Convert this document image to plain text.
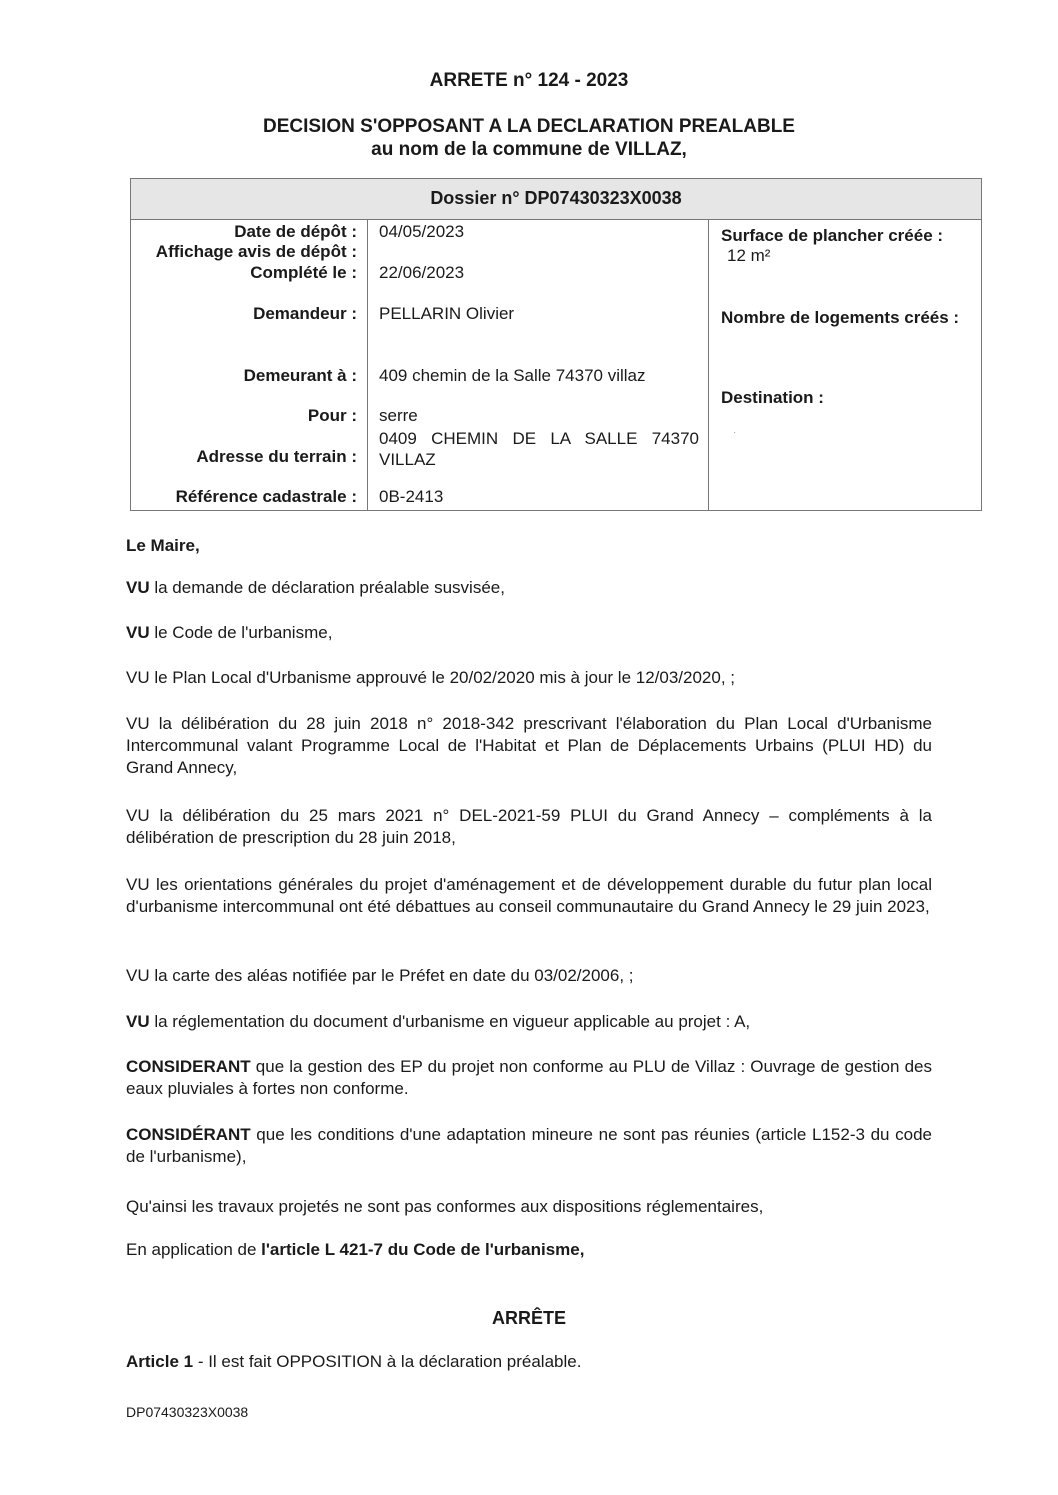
ARRETE n° 124 - 2023
DECISION S'OPPOSANT A LA DECLARATION PREALABLE
au nom de la commune de VILLAZ,
Dossier n° DP07430323X0038
Date de dépôt : 04/05/2023
Affichage avis de dépôt :
Complété le : 22/06/2023
Demandeur : PELLARIN Olivier
Demeurant à : 409 chemin de la Salle 74370 villaz
Pour : serre
Adresse du terrain :
0409 CHEMIN DE LA SALLE 74370 VILLAZ
Référence cadastrale : 0B-2413
Surface de plancher créée :
12 m²
Nombre de logements créés :
Destination :
·
Le Maire,
VU la demande de déclaration préalable susvisée,
VU le Code de l'urbanisme,
VU le Plan Local d'Urbanisme approuvé le 20/02/2020 mis à jour le 12/03/2020, ;
VU la délibération du 28 juin 2018 n° 2018-342 prescrivant l'élaboration du Plan Local d'Urbanisme Intercommunal valant Programme Local de l'Habitat et Plan de Déplacements Urbains (PLUI HD) du Grand Annecy,
VU la délibération du 25 mars 2021 n° DEL-2021-59 PLUI du Grand Annecy – compléments à la délibération de prescription du 28 juin 2018,
VU les orientations générales du projet d'aménagement et de développement durable du futur plan local d'urbanisme intercommunal ont été débattues au conseil communautaire du Grand Annecy le 29 juin 2023,
VU la carte des aléas notifiée par le Préfet en date du 03/02/2006, ;
VU la réglementation du document d'urbanisme en vigueur applicable au projet : A,
CONSIDERANT que la gestion des EP du projet non conforme au PLU de Villaz : Ouvrage de gestion des eaux pluviales à fortes non conforme.
CONSIDÉRANT que les conditions d'une adaptation mineure ne sont pas réunies (article L152-3 du code de l'urbanisme),
Qu'ainsi les travaux projetés ne sont pas conformes aux dispositions réglementaires,
En application de l'article L 421-7 du Code de l'urbanisme,
ARRÊTE
Article 1 - Il est fait OPPOSITION à la déclaration préalable.
DP07430323X0038
